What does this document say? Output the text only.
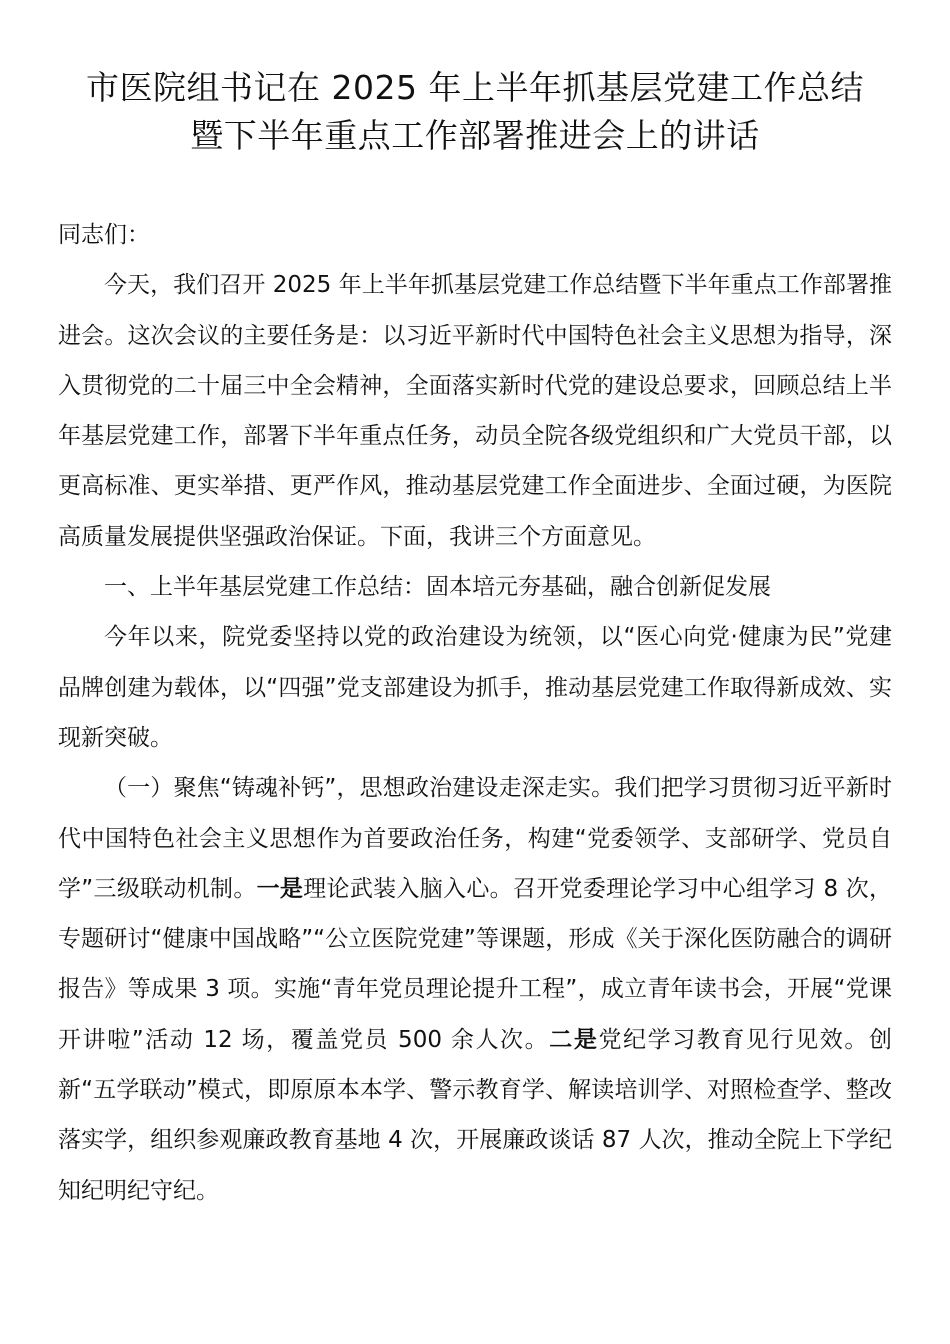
市医院组书记在 2025 年上半年抓基层党建工作总结
暨下半年重点工作部署推进会上的讲话

同志们：

今天，我们召开 2025 年上半年抓基层党建工作总结暨下半年重点工作部署推进会。这次会议的主要任务是：以习近平新时代中国特色社会主义思想为指导，深入贯彻党的二十届三中全会精神，全面落实新时代党的建设总要求，回顾总结上半年基层党建工作，部署下半年重点任务，动员全院各级党组织和广大党员干部，以更高标准、更实举措、更严作风，推动基层党建工作全面进步、全面过硬，为医院高质量发展提供坚强政治保证。下面，我讲三个方面意见。

一、上半年基层党建工作总结：固本培元夯基础，融合创新促发展

今年以来，院党委坚持以党的政治建设为统领，以“医心向党·健康为民”党建品牌创建为载体，以“四强”党支部建设为抓手，推动基层党建工作取得新成效、实现新突破。

（一）聚焦“铸魂补钙”，思想政治建设走深走实。我们把学习贯彻习近平新时代中国特色社会主义思想作为首要政治任务，构建“党委领学、支部研学、党员自学”三级联动机制。一是理论武装入脑入心。召开党委理论学习中心组学习 8 次，专题研讨“健康中国战略”“公立医院党建”等课题，形成《关于深化医防融合的调研报告》等成果 3 项。实施“青年党员理论提升工程”，成立青年读书会，开展“党课开讲啦”活动 12 场，覆盖党员 500 余人次。二是党纪学习教育见行见效。创新“五学联动”模式，即原原本本学、警示教育学、解读培训学、对照检查学、整改落实学，组织参观廉政教育基地 4 次，开展廉政谈话 87 人次，推动全院上下学纪知纪明纪守纪。
